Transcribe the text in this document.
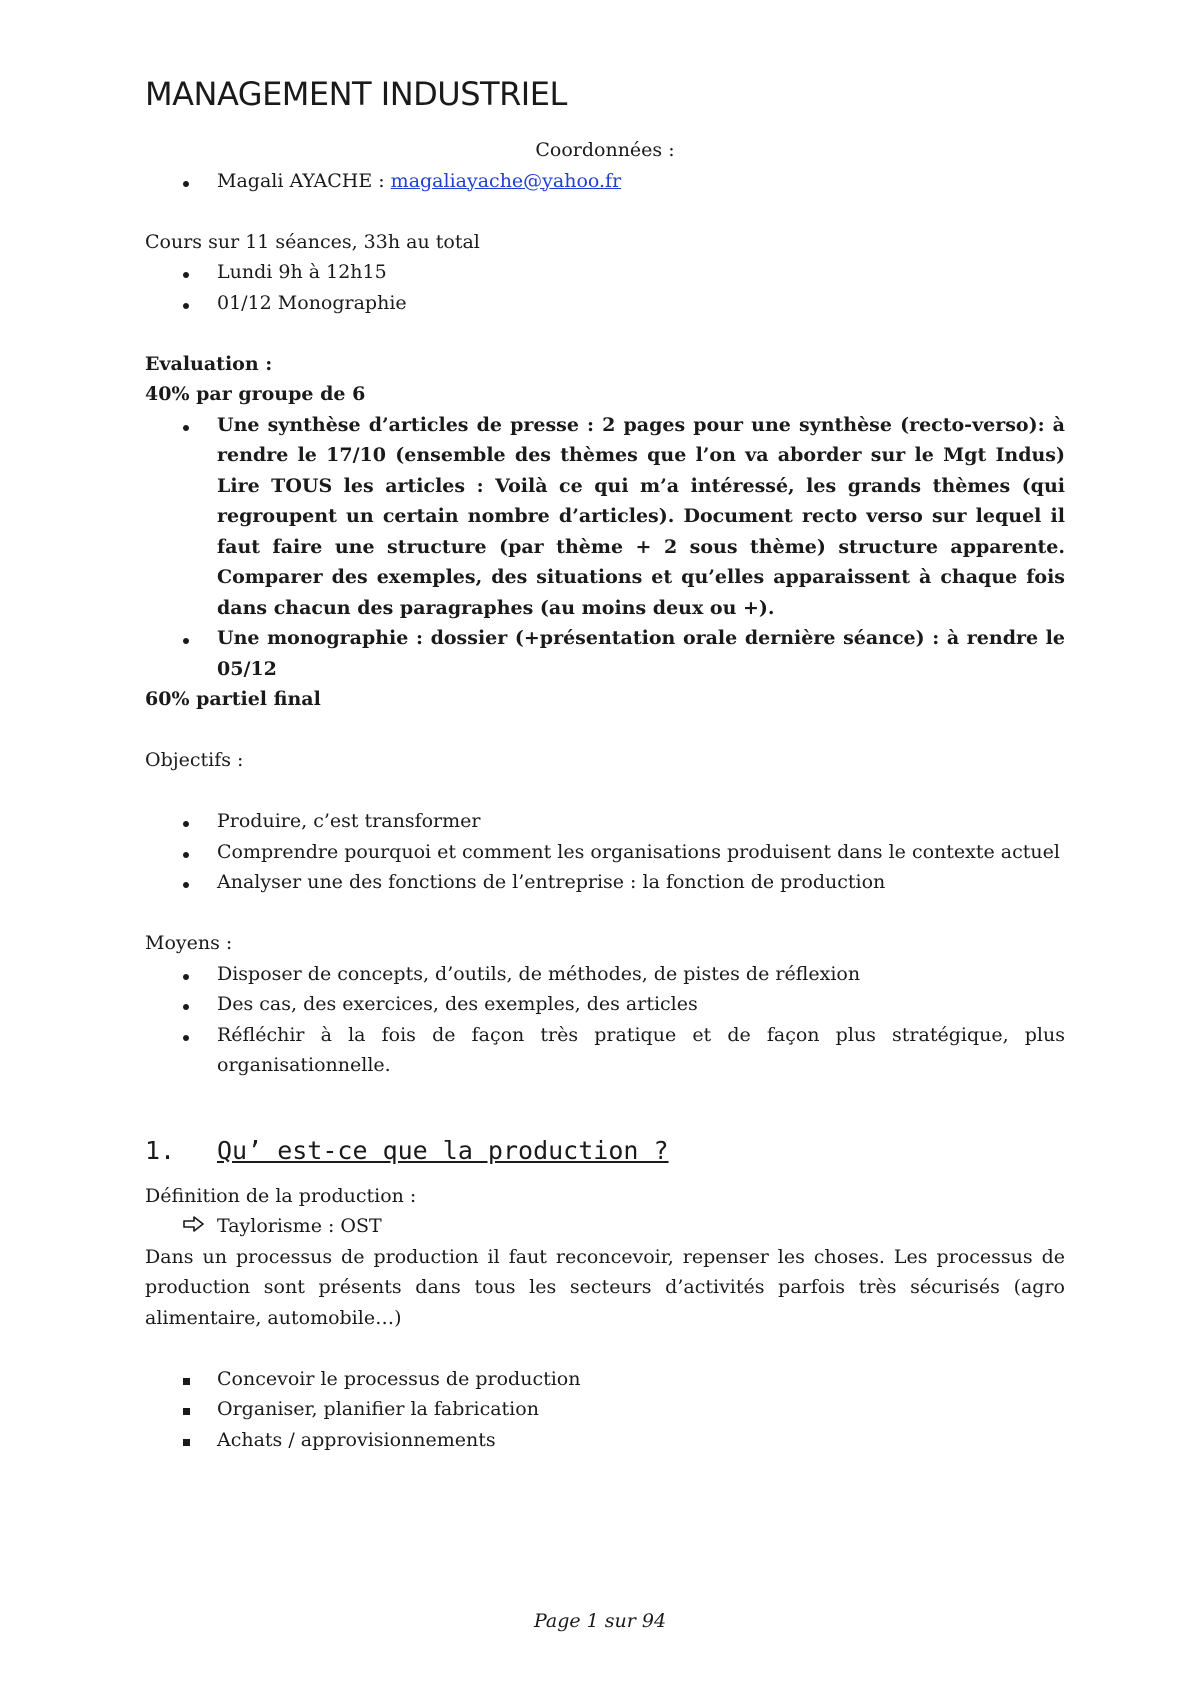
MANAGEMENT INDUSTRIEL
Coordonnées :
Magali AYACHE : magaliayache@yahoo.fr
Cours sur 11 séances, 33h au total
Lundi 9h à 12h15
01/12 Monographie
Evaluation :
40% par groupe de 6
Une synthèse d’articles de presse : 2 pages pour une synthèse (recto-verso): à rendre le 17/10 (ensemble des thèmes que l’on va aborder sur le Mgt Indus) Lire TOUS les articles : Voilà ce qui m’a intéressé, les grands thèmes (qui regroupent un certain nombre d’articles). Document recto verso sur lequel il faut faire une structure (par thème + 2 sous thème) structure apparente. Comparer des exemples, des situations et qu’elles apparaissent à chaque fois dans chacun des paragraphes (au moins deux ou +).
Une monographie : dossier (+présentation orale dernière séance) : à rendre le 05/12
60% partiel final
Objectifs :
Produire, c’est transformer
Comprendre pourquoi et comment les organisations produisent dans le contexte actuel
Analyser une des fonctions de l’entreprise : la fonction de production
Moyens :
Disposer de concepts, d’outils, de méthodes, de pistes de réflexion
Des cas, des exercices, des exemples, des articles
Réfléchir à la fois de façon très pratique et de façon plus stratégique, plus organisationnelle.
1. Qu’ est-ce que la production ?
Définition de la production :
Taylorisme : OST
Dans un processus de production il faut reconcevoir, repenser les choses. Les processus de production sont présents dans tous les secteurs d’activités parfois très sécurisés (agro alimentaire, automobile…)
Concevoir le processus de production
Organiser, planifier la fabrication
Achats / approvisionnements
Page 1 sur 94
